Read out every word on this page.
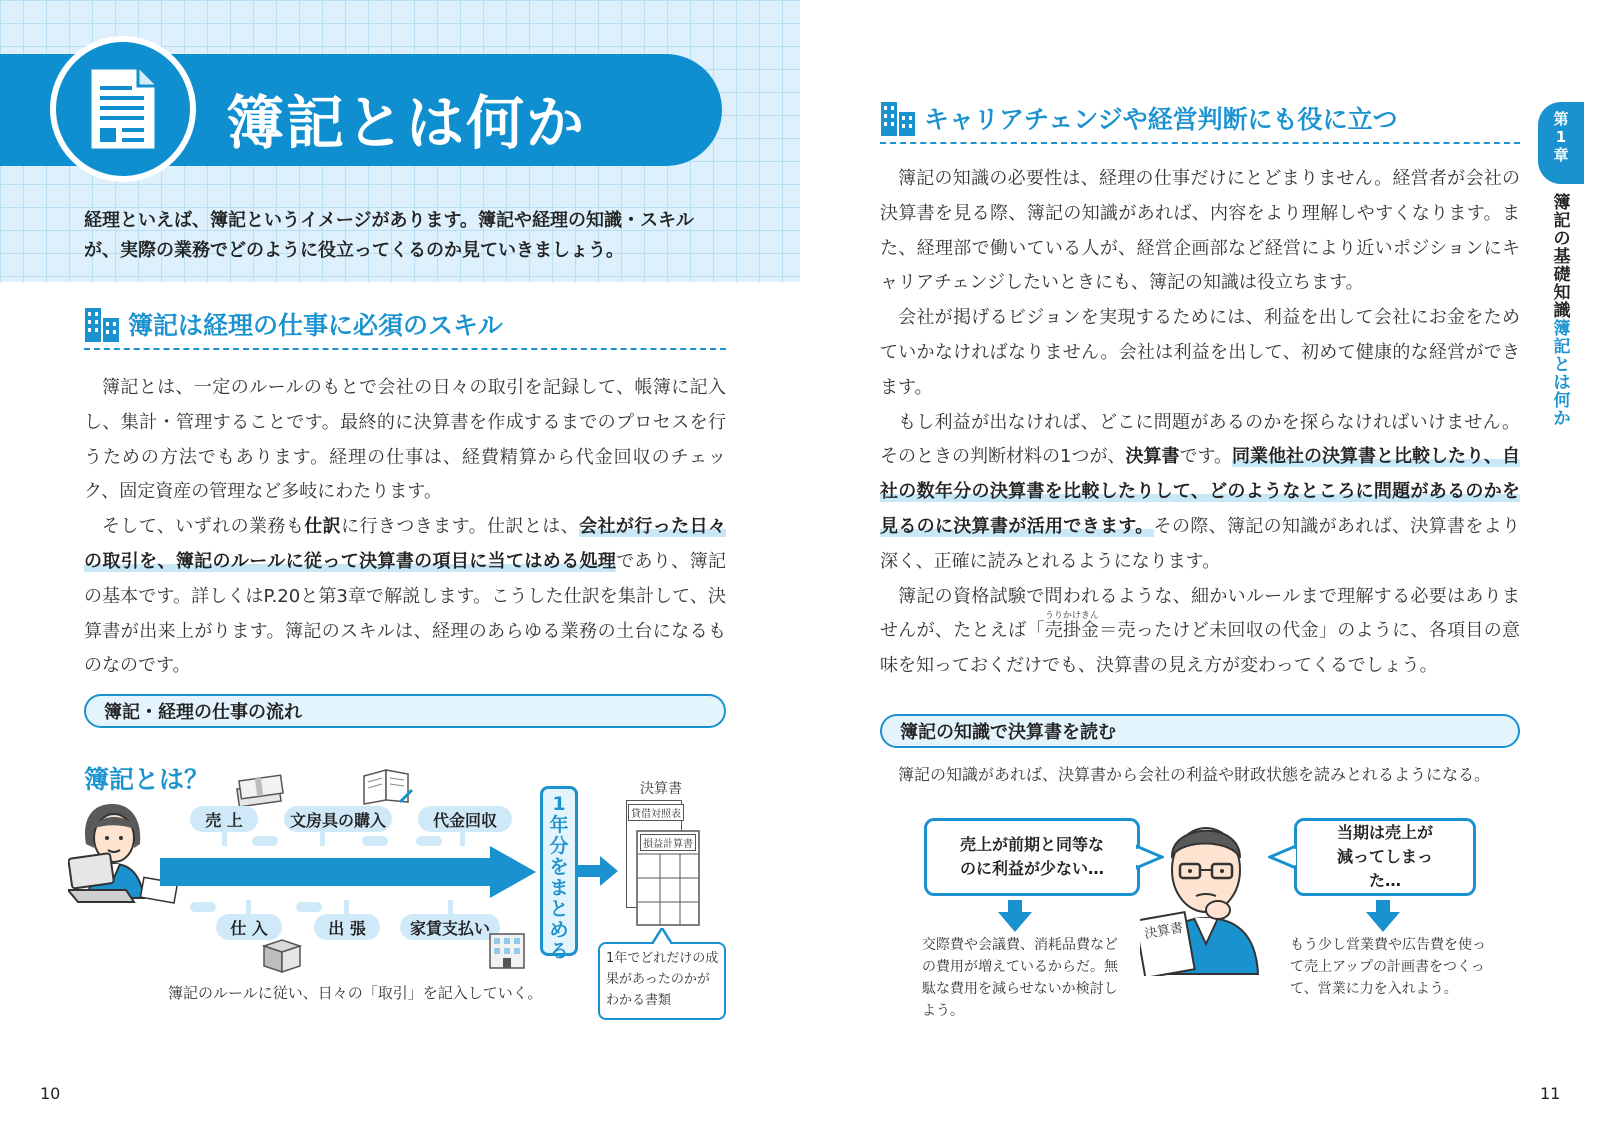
簿記とは何か
経理といえば、簿記というイメージがあります。簿記や経理の知識・スキルが、実際の業務でどのように役立ってくるのか見ていきましょう。
簿記は経理の仕事に必須のスキル

簿記とは、一定のルールのもとで会社の日々の取引を記録して、帳簿に記入し、集計・管理することです。最終的に決算書を作成するまでのプロセスを行うための方法でもあります。経理の仕事は、経費精算から代金回収のチェック、固定資産の管理など多岐にわたります。

そして、いずれの業務も仕訳に行きつきます。仕訳とは、会社が行った日々の取引を、簿記のルールに従って決算書の項目に当てはめる処理であり、簿記の基本です。詳しくはP.20と第3章で解説します。こうした仕訳を集計して、決算書が出来上がります。簿記のスキルは、経理のあらゆる業務の土台になるものなのです。

簿記・経理の仕事の流れ
簿記とは？
売 上	文房具の購入	代金回収
仕 入	出 張	家賃支払い
1年分をまとめる
決算書
貸借対照表
損益計算書
1年でどれだけの成果があったのかがわかる書類
簿記のルールに従い、日々の「取引」を記入していく。
10
キャリアチェンジや経営判断にも役に立つ

簿記の知識の必要性は、経理の仕事だけにとどまりません。経営者が会社の決算書を見る際、簿記の知識があれば、内容をより理解しやすくなります。また、経理部で働いている人が、経営企画部など経営により近いポジションにキャリアチェンジしたいときにも、簿記の知識は役立ちます。

会社が掲げるビジョンを実現するためには、利益を出して会社にお金をためていかなければなりません。会社は利益を出して、初めて健康的な経営ができます。

もし利益が出なければ、どこに問題があるのかを探らなければいけません。そのときの判断材料の1つが、決算書です。同業他社の決算書と比較したり、自社の数年分の決算書を比較したりして、どのようなところに問題があるのかを見るのに決算書が活用できます。その際、簿記の知識があれば、決算書をより深く、正確に読みとれるようになります。

簿記の資格試験で問われるような、細かいルールまで理解する必要はありませんが、たとえば「売掛金うりかけきん＝売ったけど未回収の代金」のように、各項目の意味を知っておくだけでも、決算書の見え方が変わってくるでしょう。

簿記の知識で決算書を読む
簿記の知識があれば、決算書から会社の利益や財政状態を読みとれるようになる。
売上が前期と同等なのに利益が少ない…
当期は売上が減ってしまった…
決算書
交際費や会議費、消耗品費などの費用が増えているからだ。無駄な費用を減らせないか検討しよう。
もう少し営業費や広告費を使って売上アップの計画書をつくって、営業に力を入れよう。
第1章
簿記の基礎知識
簿記とは何か
11
